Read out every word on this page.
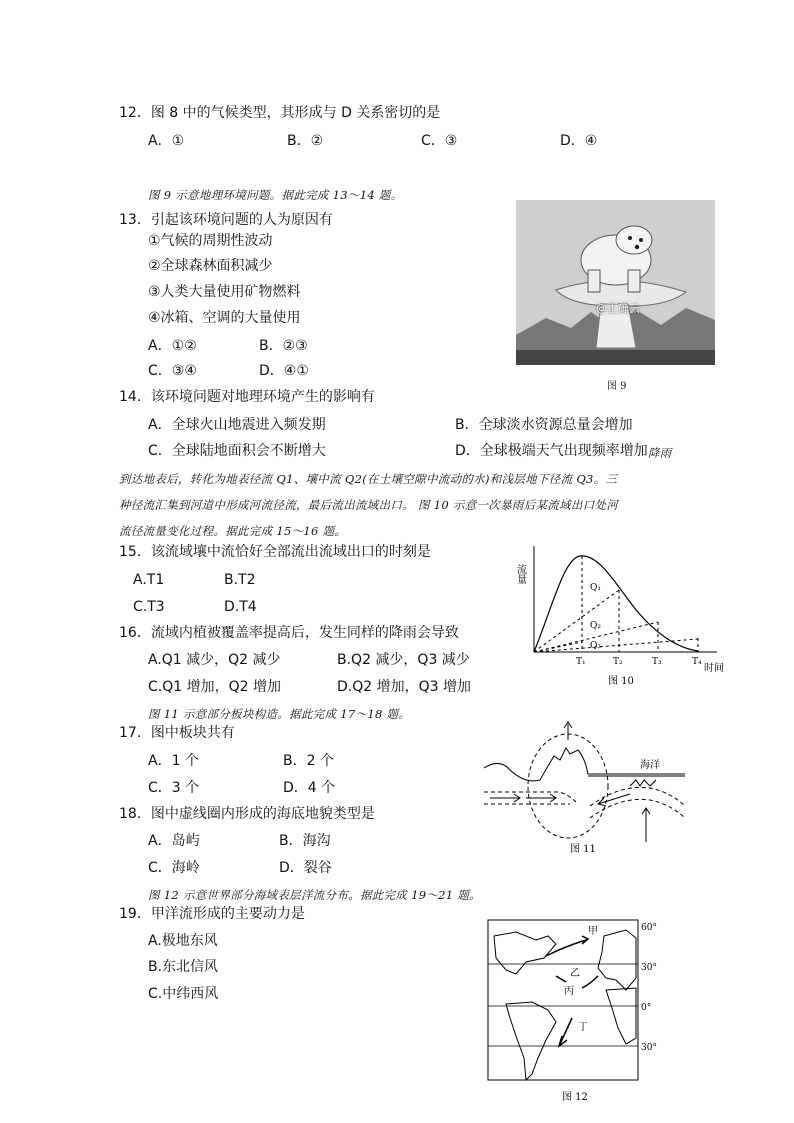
12．图 8 中的气候类型，其形成与 D 关系密切的是
A．①	B．②	C．③	D．④
图 9 示意地理环境问题。据此完成 13～14 题。
13．引起该环境问题的人为原因有
①气候的周期性波动
②全球森林面积减少
③人类大量使用矿物燃料
④冰箱、空调的大量使用
A．①②	B．②③
C．③④	D．④①
@正确云
图 9
14．该环境问题对地理环境产生的影响有
A．全球火山地震进入频发期	B．全球淡水资源总量会增加
C．全球陆地面积会不断增大	D．全球极端天气出现频率增加 降雨
到达地表后，转化为地表径流 Q1、壤中流 Q2(在土壤空隙中流动的水)和浅层地下径流 Q3。三
种径流汇集到河道中形成河流径流，最后流出流域出口。 图 10 示意一次暴雨后某流域出口处河
流径流量变化过程。据此完成 15～16 题。
15．该流域壤中流恰好全部流出流域出口的时刻是
A.T1	B.T2
C.T3	D.T4
16．流域内植被覆盖率提高后，发生同样的降雨会导致
A.Q1 减少，Q2 减少	B.Q2 减少，Q3 减少
C.Q1 增加，Q2 增加	D.Q2 增加，Q3 增加
流量
时间
Q₁
Q₂
Q₃
T₁	T₂	T₃	T₄
图 10
图 11 示意部分板块构造。据此完成 17～18 题。
17．图中板块共有
A．1 个	B．2 个
C．3 个	D．4 个
18．图中虚线圈内形成的海底地貌类型是
A．岛屿	B．海沟
C．海岭	D．裂谷
海洋
图 11
图 12 示意世界部分海域表层洋流分布。据此完成 19～21 题。
19．甲洋流形成的主要动力是
A.极地东风
B.东北信风
C.中纬西风
甲
乙
丙
丁
60°
30°
0°
30°
图 12
